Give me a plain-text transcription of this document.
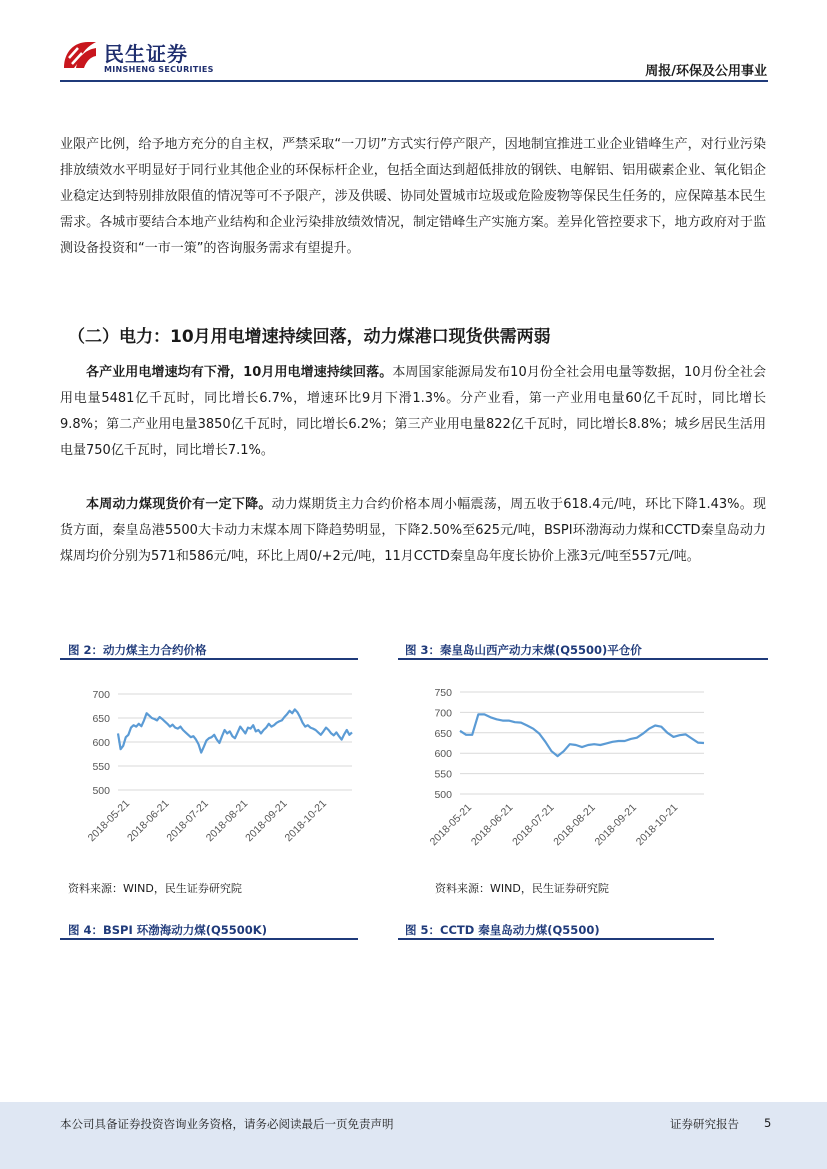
民生证券
MINSHENG SECURITIES	周报/环保及公用事业
业限产比例，给予地方充分的自主权，严禁采取“一刀切”方式实行停产限产，因地制宜推进工业企业错峰生产，对行业污染排放绩效水平明显好于同行业其他企业的环保标杆企业，包括全面达到超低排放的钢铁、电解铝、铝用碳素企业、氧化铝企业稳定达到特别排放限值的情况等可不予限产，涉及供暖、协同处置城市垃圾或危险废物等保民生任务的，应保障基本民生需求。各城市要结合本地产业结构和企业污染排放绩效情况，制定错峰生产实施方案。差异化管控要求下，地方政府对于监测设备投资和“一市一策”的咨询服务需求有望提升。
（二）电力：10月用电增速持续回落，动力煤港口现货供需两弱
各产业用电增速均有下滑，10月用电增速持续回落。本周国家能源局发布10月份全社会用电量等数据，10月份全社会用电量5481亿千瓦时，同比增长6.7%，增速环比9月下滑1.3%。分产业看，第一产业用电量60亿千瓦时，同比增长9.8%；第二产业用电量3850亿千瓦时，同比增长6.2%；第三产业用电量822亿千瓦时，同比增长8.8%；城乡居民生活用电量750亿千瓦时，同比增长7.1%。
本周动力煤现货价有一定下降。动力煤期货主力合约价格本周小幅震荡，周五收于618.4元/吨，环比下降1.43%。现货方面，秦皇岛港5500大卡动力末煤本周下降趋势明显，下降2.50%至625元/吨，BSPI环渤海动力煤和CCTD秦皇岛动力煤周均价分别为571和586元/吨，环比上周0/+2元/吨，11月CCTD秦皇岛年度长协价上涨3元/吨至557元/吨。
图 2：动力煤主力合约价格
500
550
600
650
700
2018-05-21
2018-06-21
2018-07-21
2018-08-21
2018-09-21
2018-10-21
资料来源：WIND，民生证券研究院
图 3：秦皇岛山西产动力末煤(Q5500)平仓价
500
550
600
650
700
750
2018-05-21
2018-06-21
2018-07-21
2018-08-21
2018-09-21
2018-10-21
资料来源：WIND，民生证券研究院
图 4：BSPI 环渤海动力煤(Q5500K)	图 5：CCTD 秦皇岛动力煤(Q5500)
本公司具备证券投资咨询业务资格，请务必阅读最后一页免责声明	证券研究报告 5
